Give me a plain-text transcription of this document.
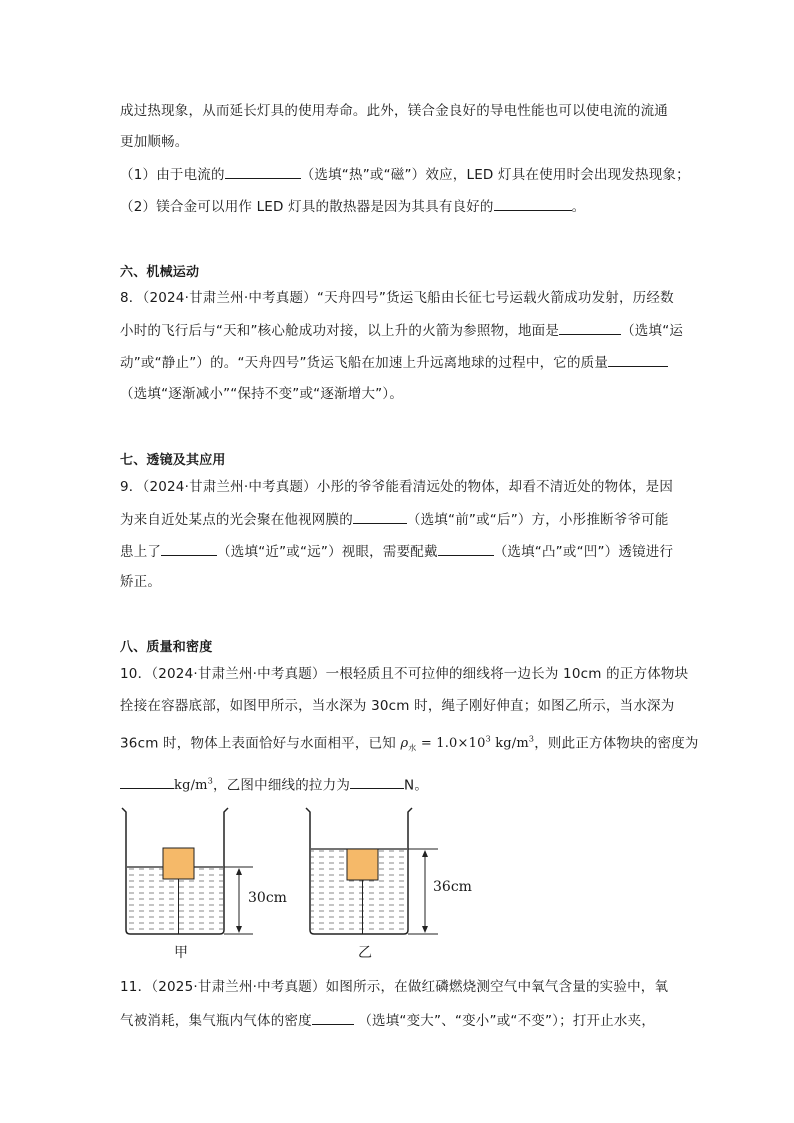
成过热现象，从而延长灯具的使用寿命。此外，镁合金良好的导电性能也可以使电流的流通
更加顺畅。
（1）由于电流的	（选填“热”或“磁”）效应，LED 灯具在使用时会出现发热现象；
（2）镁合金可以用作 LED 灯具的散热器是因为其具有良好的	。
六、机械运动
8．（2024·甘肃兰州·中考真题）“天舟四号”货运飞船由长征七号运载火箭成功发射，历经数
小时的飞行后与“天和”核心舱成功对接，以上升的火箭为参照物，地面是	（选填“运
动”或“静止”）的。“天舟四号”货运飞船在加速上升远离地球的过程中，它的质量
（选填“逐渐减小”“保持不变”或“逐渐增大”）。
七、透镜及其应用
9．（2024·甘肃兰州·中考真题）小彤的爷爷能看清远处的物体，却看不清近处的物体，是因
为来自近处某点的光会聚在他视网膜的	（选填“前”或“后”）方，小彤推断爷爷可能
患上了	（选填“近”或“远”）视眼，需要配戴	（选填“凸”或“凹”）透镜进行
矫正。
八、质量和密度
10．（2024·甘肃兰州·中考真题）一根轻质且不可拉伸的细线将一边长为 10cm 的正方体物块
拴接在容器底部，如图甲所示，当水深为 30cm 时，绳子刚好伸直；如图乙所示，当水深为
36cm 时，物体上表面恰好与水面相平，已知 $\rho_水 = 1.0\times 10^3$ $kg/m^3$，则此正方体物块的密度为
$kg/m^3$，乙图中细线的拉力为	N。
30cm
36cm
甲	乙
11．（2025·甘肃兰州·中考真题）如图所示，在做红磷燃烧测空气中氧气含量的实验中，氧
气被消耗，集气瓶内气体的密度	（选填“变大”、“变小”或“不变”）；打开止水夹，
